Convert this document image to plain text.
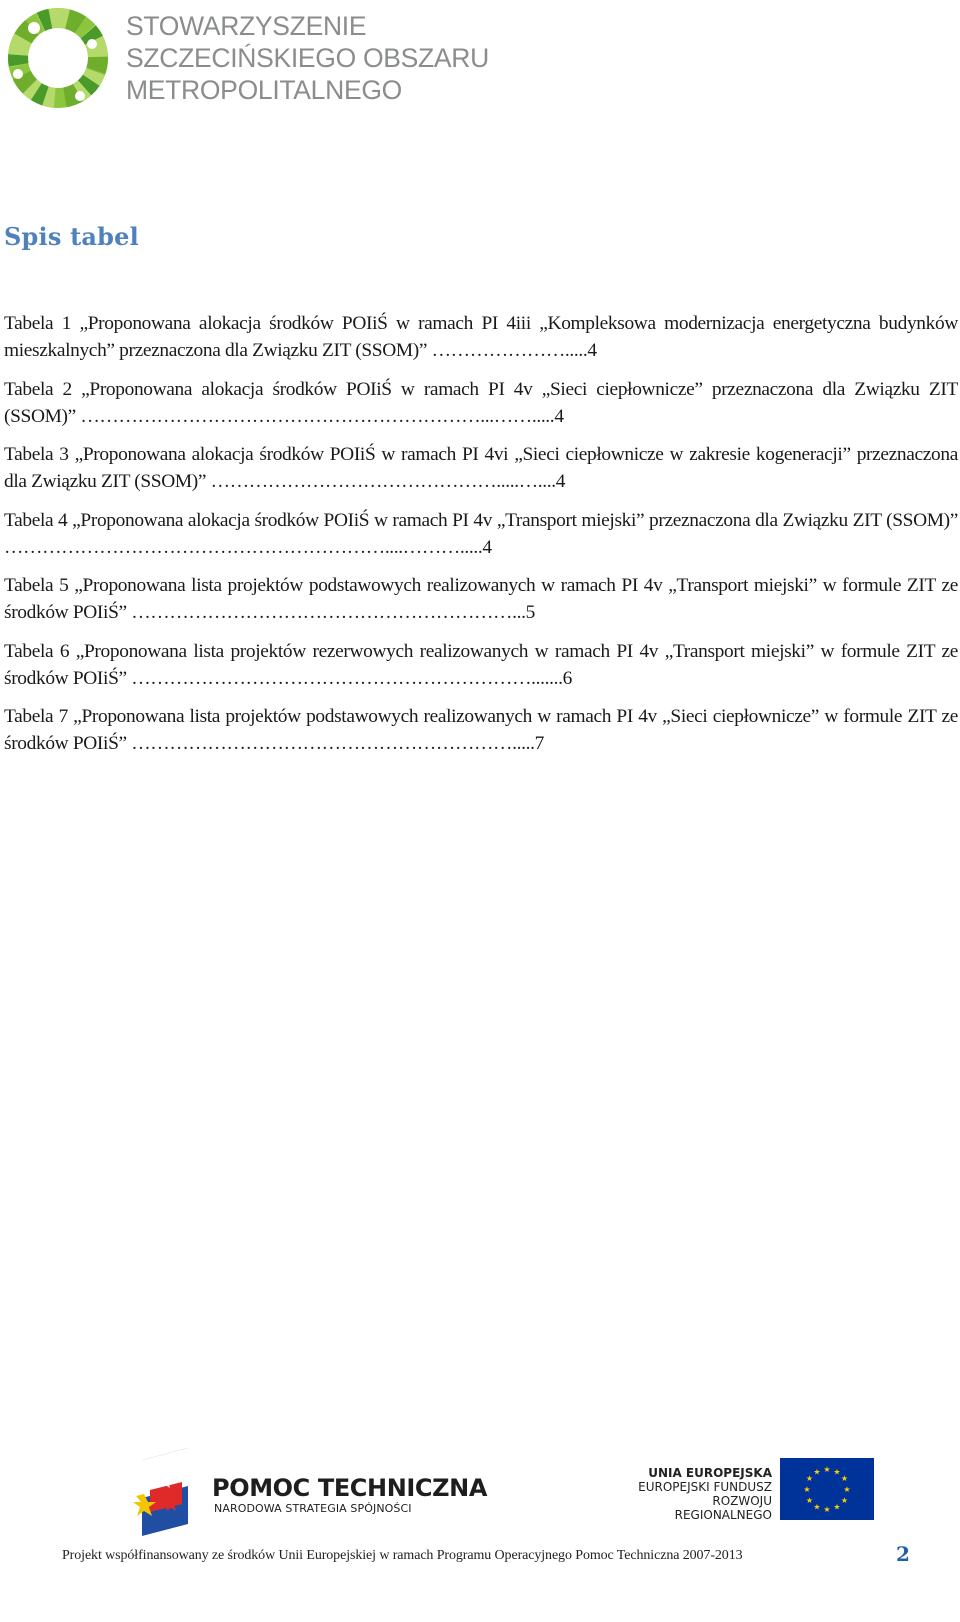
STOWARZYSZENIE
SZCZECIŃSKIEGO OBSZARU
METROPOLITALNEGO
Spis tabel

Tabela 1 „Proponowana alokacja środków POIiŚ w ramach PI 4iii „Kompleksowa modernizacja energetyczna budynków mieszkalnych” przeznaczona dla Związku ZIT (SSOM)” ………………….....4

Tabela 2 „Proponowana alokacja środków POIiŚ w ramach PI 4v „Sieci ciepłownicze” przeznaczona dla Związku ZIT (SSOM)” ………………………………………………………...…….....4

Tabela 3 „Proponowana alokacja środków POIiŚ w ramach PI 4vi „Sieci ciepłownicze w zakresie kogeneracji” przeznaczona dla Związku ZIT (SSOM)” ……………………………………….....…....4

Tabela 4 „Proponowana alokacja środków POIiŚ w ramach PI 4v „Transport miejski” przeznaczona dla Związku ZIT (SSOM)” ……………………………………………………....……….....4

Tabela 5 „Proponowana lista projektów podstawowych realizowanych w ramach PI 4v „Transport miejski” w formule ZIT ze środków POIiŚ” ……………………………………………………...5

Tabela 6 „Proponowana lista projektów rezerwowych realizowanych w ramach PI 4v „Transport miejski” w formule ZIT ze środków POIiŚ” ……………………………………………………….......6

Tabela 7 „Proponowana lista projektów podstawowych realizowanych w ramach PI 4v „Sieci ciepłownicze” w formule ZIT ze środków POIiŚ” …………………………………………………….....7

POMOC TECHNICZNA
NARODOWA STRATEGIA SPÓJNOŚCI
UNIA EUROPEJSKA
EUROPEJSKI FUNDUSZ
ROZWOJU REGIONALNEGO
★ ★
★
★
★
★
★
★
★
★
★
★
Projekt współfinansowany ze środków Unii Europejskiej w ramach Programu Operacyjnego Pomoc Techniczna 2007-2013	2
